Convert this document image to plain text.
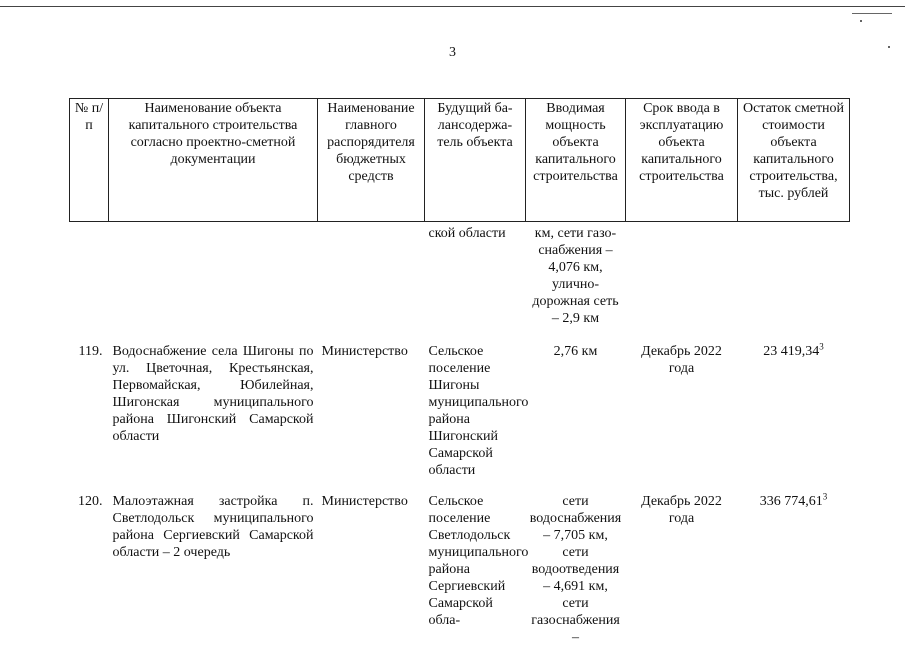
3
№ п/п	Наименование объекта капитального строительства согласно проектно-сметной документации	Наименование главного распорядителя бюджетных средств	Будущий ба-лансодержа-тель объекта	Вводимая мощность объекта капитального строительства	Срок ввода в эксплуатацию объекта капитального строительства	Остаток сметной стоимости объекта капитального строительства, тыс. рублей
			ской области	км, сети газо-снабжения – 4,076 км, улично-дорожная сеть – 2,9 км		
119.	Водоснабжение села Шигоны по ул. Цветочная, Крестьянская, Первомайская, Юбилейная, Шигонская муниципального района Шигонский Самарской области	Министерство	Сельское поселение Шигоны муниципального района Шигонский Самарской области	2,76 км	Декабрь 2022 года	23 419,34$^3$
120.	Малоэтажная застройка п. Светлодольск муниципального района Сергиевский Самарской области – 2 очередь	Министерство	Сельское поселение Светлодольск муниципального района Сергиевский Самарской обла-	сети водоснабжения – 7,705 км, сети водоотведения – 4,691 км, сети газоснабжения –	Декабрь 2022 года	336 774,61$^3$
